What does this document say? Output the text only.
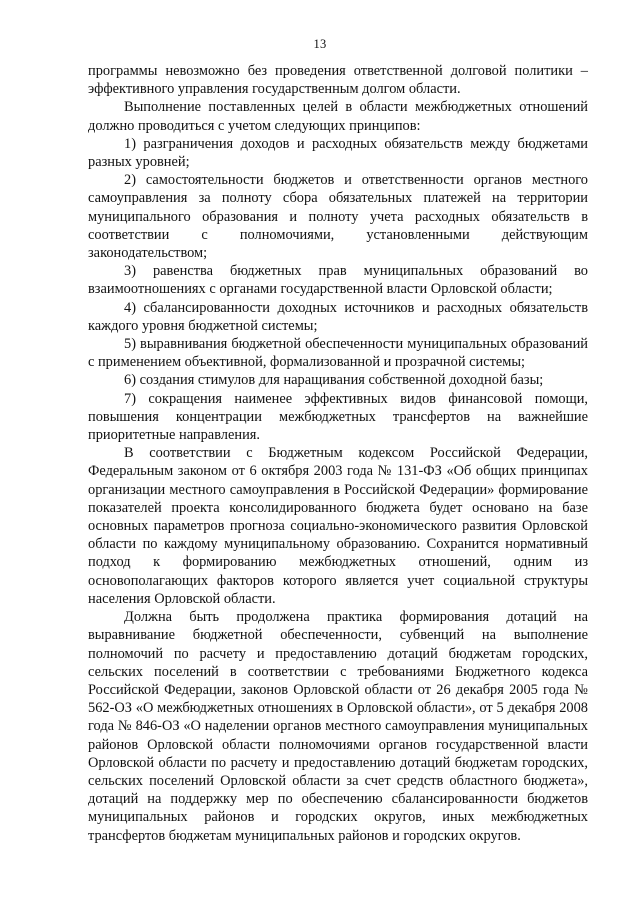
13

программы невозможно без проведения ответственной долговой политики – эффективного управления государственным долгом области.

Выполнение поставленных целей в области межбюджетных отношений должно проводиться с учетом следующих принципов:

1) разграничения доходов и расходных обязательств между бюджетами разных уровней;

2) самостоятельности бюджетов и ответственности органов местного самоуправления за полноту сбора обязательных платежей на территории муниципального образования и полноту учета расходных обязательств в соответствии с полномочиями, установленными действующим законодательством;

3) равенства бюджетных прав муниципальных образований во взаимоотношениях с органами государственной власти Орловской области;

4) сбалансированности доходных источников и расходных обязательств каждого уровня бюджетной системы;

5) выравнивания бюджетной обеспеченности муниципальных образований с применением объективной, формализованной и прозрачной системы;

6) создания стимулов для наращивания собственной доходной базы;

7) сокращения наименее эффективных видов финансовой помощи, повышения концентрации межбюджетных трансфертов на важнейшие приоритетные направления.

В соответствии с Бюджетным кодексом Российской Федерации, Федеральным законом от 6 октября 2003 года № 131-ФЗ «Об общих принципах организации местного самоуправления в Российской Федерации» формирование показателей проекта консолидированного бюджета будет основано на базе основных параметров прогноза социально-экономического развития Орловской области по каждому муниципальному образованию. Сохранится нормативный подход к формированию межбюджетных отношений, одним из основополагающих факторов которого является учет социальной структуры населения Орловской области.

Должна быть продолжена практика формирования дотаций на выравнивание бюджетной обеспеченности, субвенций на выполнение полномочий по расчету и предоставлению дотаций бюджетам городских, сельских поселений в соответствии с требованиями Бюджетного кодекса Российской Федерации, законов Орловской области от 26 декабря 2005 года № 562-ОЗ «О межбюджетных отношениях в Орловской области», от 5 декабря 2008 года № 846-ОЗ «О наделении органов местного самоуправления муниципальных районов Орловской области полномочиями органов государственной власти Орловской области по расчету и предоставлению дотаций бюджетам городских, сельских поселений Орловской области за счет средств областного бюджета», дотаций на поддержку мер по обеспечению сбалансированности бюджетов муниципальных районов и городских округов, иных межбюджетных трансфертов бюджетам муниципальных районов и городских округов.
